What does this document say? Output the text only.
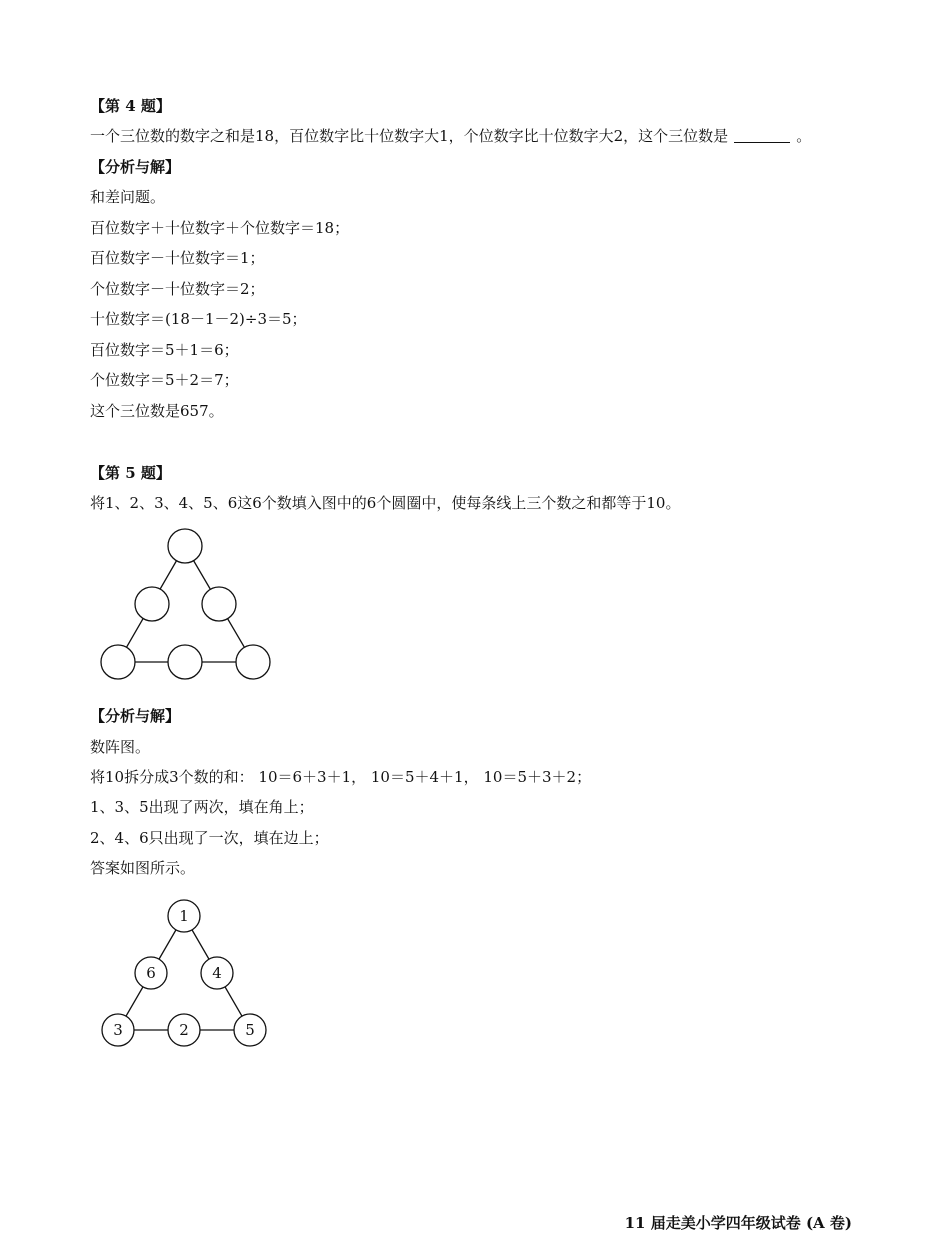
【第 4 题】
一个三位数的数字之和是18，百位数字比十位数字大1，个位数字比十位数字大2，这个三位数是	。
【分析与解】
和差问题。
百位数字＋十位数字＋个位数字＝18；
百位数字－十位数字＝1；
个位数字－十位数字＝2；
十位数字＝(18－1－2)÷3＝5；
百位数字＝5＋1＝6；
个位数字＝5＋2＝7；
这个三位数是657。
【第 5 题】
将1、2、3、4、5、6这6个数填入图中的6个圆圈中，使每条线上三个数之和都等于10。
【分析与解】
数阵图。
将10拆分成3个数的和： 10＝6＋3＋1， 10＝5＋4＋1， 10＝5＋3＋2；
1、3、5出现了两次，填在角上；
2、4、6只出现了一次，填在边上；
答案如图所示。
1
6	4
3	2	5
11 届走美小学四年级试卷 (A 卷)
